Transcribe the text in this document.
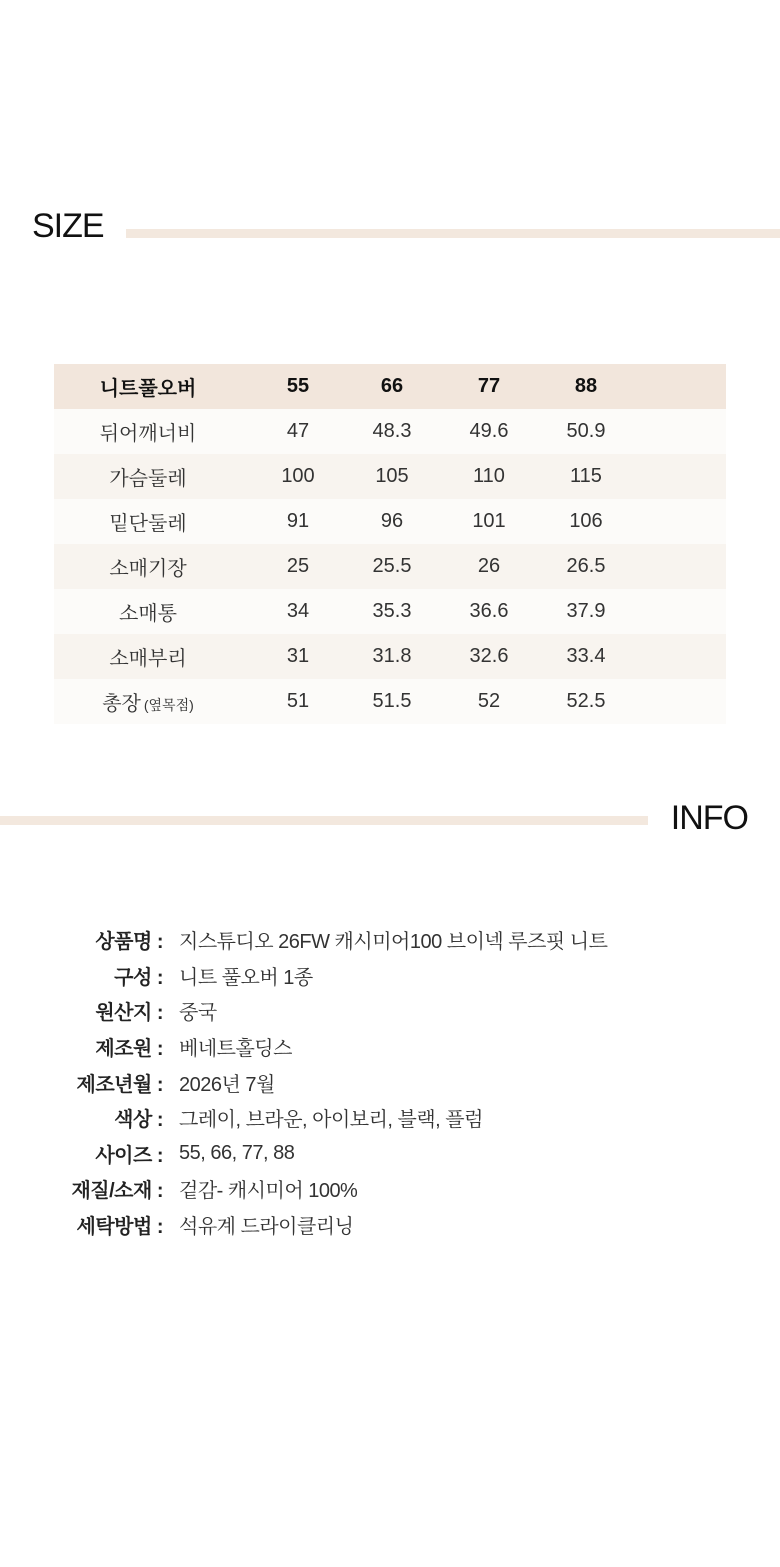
SIZE
니트풀오버	55	66	77	88	
뒤어깨너비	47	48.3	49.6	50.9	
가슴둘레	100	105	110	115	
밑단둘레	91	96	101	106	
소매기장	25	25.5	26	26.5	
소매통	34	35.3	36.6	37.9	
소매부리	31	31.8	32.6	33.4	
총장 (옆목점)	51	51.5	52	52.5	
INFO
상품명 : 지스튜디오 26FW 캐시미어100 브이넥 루즈핏 니트
구성 : 니트 풀오버 1종
원산지 : 중국
제조원 : 베네트홀딩스
제조년월 : 2026년 7월
색상 : 그레이, 브라운, 아이보리, 블랙, 플럼
사이즈 : 55, 66, 77, 88
재질/소재 : 겉감- 캐시미어 100%
세탁방법 : 석유계 드라이클리닝
